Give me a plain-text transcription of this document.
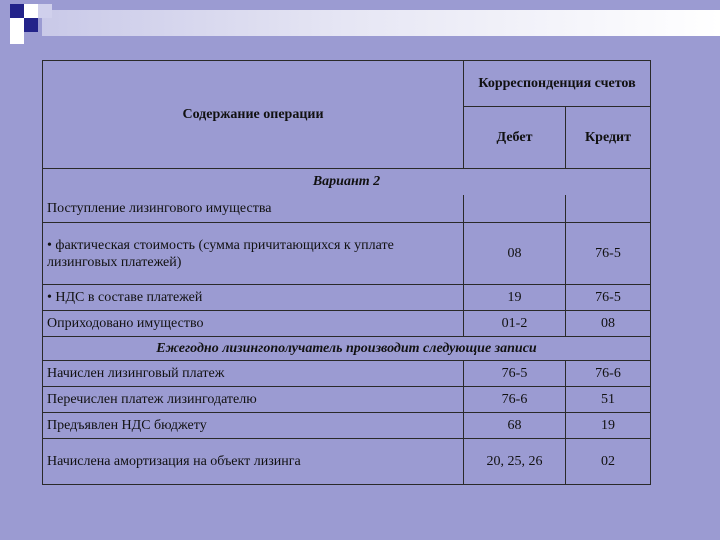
Содержание операции	Корреспонденция счетов	
	Дебет	Кредит
Вариант 2		
Поступление лизингового имущества		
• фактическая стоимость (сумма причитающихся к уплате лизинговых платежей)	08	76-5
• НДС в составе платежей	19	76-5
Оприходовано имущество	01-2	08
Ежегодно лизингополучатель производит следующие записи		
Начислен лизинговый платеж	76-5	76-6
Перечислен платеж лизингодателю	76-6	51
Предъявлен НДС бюджету	68	19
Начислена амортизация на объект лизинга	20, 25, 26	02
